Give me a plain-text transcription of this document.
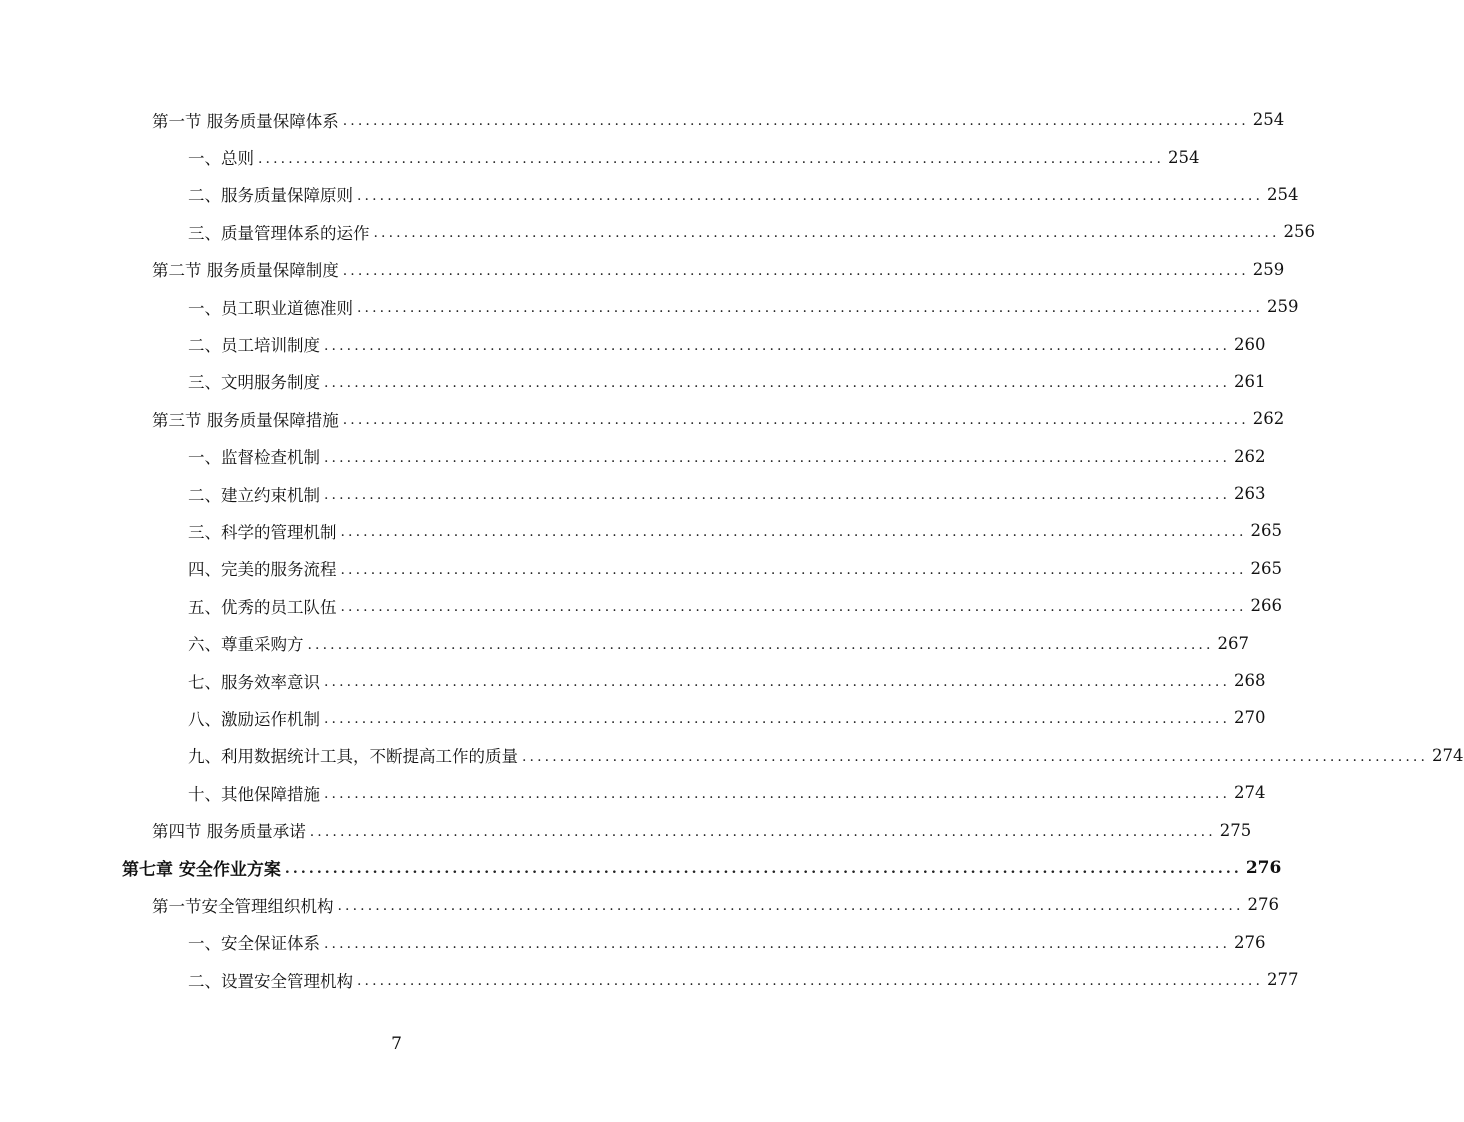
第一节 服务质量保障体系 ........................................................................................................................ 254
一、总则 ........................................................................................................................ 254
二、服务质量保障原则 ........................................................................................................................ 254
三、质量管理体系的运作 ........................................................................................................................ 256
第二节 服务质量保障制度 ........................................................................................................................ 259
一、员工职业道德准则 ........................................................................................................................ 259
二、员工培训制度 ........................................................................................................................ 260
三、文明服务制度 ........................................................................................................................ 261
第三节 服务质量保障措施 ........................................................................................................................ 262
一、监督检查机制 ........................................................................................................................ 262
二、建立约束机制 ........................................................................................................................ 263
三、科学的管理机制 ........................................................................................................................ 265
四、完美的服务流程 ........................................................................................................................ 265
五、优秀的员工队伍 ........................................................................................................................ 266
六、尊重采购方 ........................................................................................................................ 267
七、服务效率意识 ........................................................................................................................ 268
八、激励运作机制 ........................................................................................................................ 270
九、利用数据统计工具，不断提高工作的质量 ........................................................................................................................ 274
十、其他保障措施 ........................................................................................................................ 274
第四节 服务质量承诺 ........................................................................................................................ 275
第七章 安全作业方案 ........................................................................................................................ 276
第一节安全管理组织机构 ........................................................................................................................ 276
一、安全保证体系 ........................................................................................................................ 276
二、设置安全管理机构 ........................................................................................................................ 277
7
